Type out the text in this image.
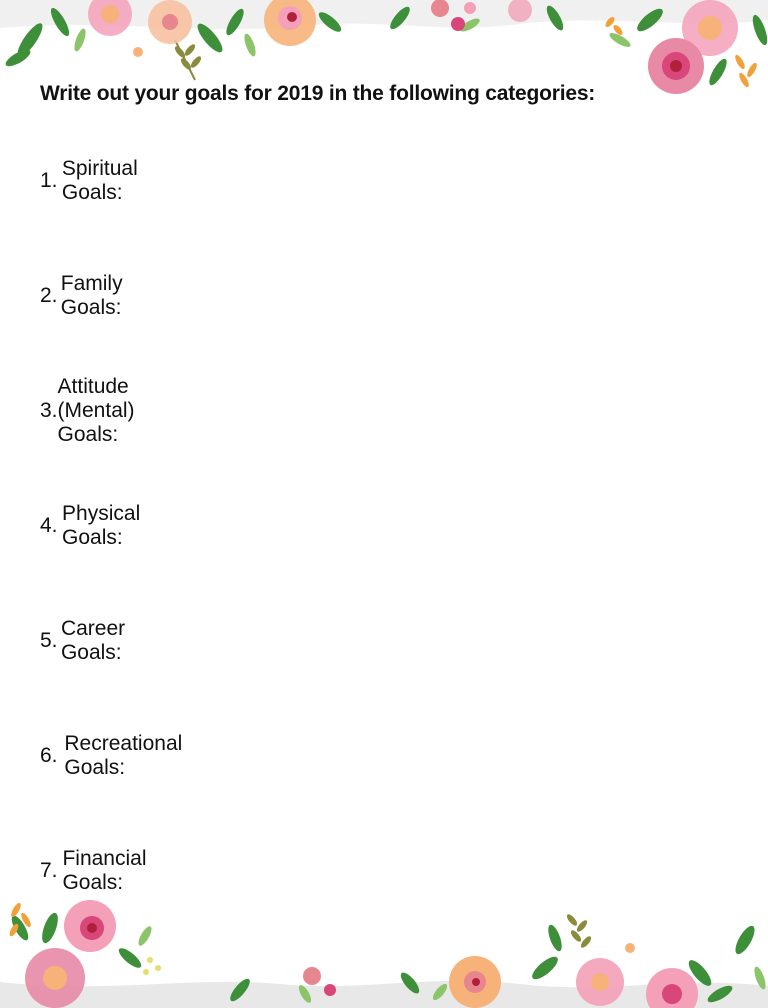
Write out your goals for 2019 in the following categories:
1.
Spiritual Goals:
2.
Family Goals:
3.
Attitude (Mental) Goals:
4.
Physical Goals:
5.
Career Goals:
6.
Recreational Goals:
7.
Financial Goals:
